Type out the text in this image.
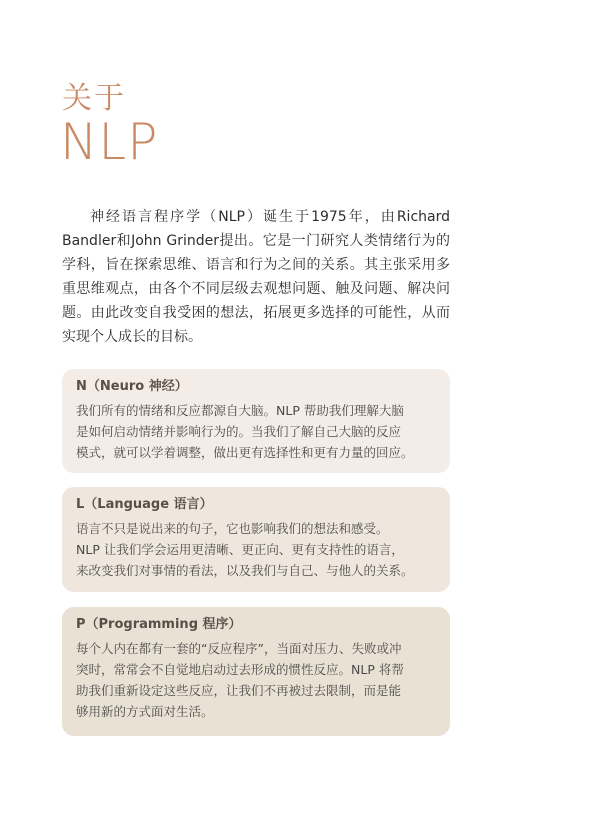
关于
NLP

神经语言程序学（NLP）诞生于1975年，由Richard Bandler和John Grinder提出。它是一门研究人类情绪行为的学科，旨在探索思维、语言和行为之间的关系。其主张采用多重思维观点，由各个不同层级去观想问题、触及问题、解决问题。由此改变自我受困的想法，拓展更多选择的可能性，从而实现个人成长的目标。

N（Neuro 神经）
我们所有的情绪和反应都源自大脑。NLP 帮助我们理解大脑
是如何启动情绪并影响行为的。当我们了解自己大脑的反应
模式，就可以学着调整，做出更有选择性和更有力量的回应。
L（Language 语言）
语言不只是说出来的句子，它也影响我们的想法和感受。
NLP 让我们学会运用更清晰、更正向、更有支持性的语言，
来改变我们对事情的看法，以及我们与自己、与他人的关系。
P（Programming 程序）
每个人内在都有一套的“反应程序”，当面对压力、失败或冲
突时，常常会不自觉地启动过去形成的惯性反应。NLP 将帮
助我们重新设定这些反应，让我们不再被过去限制，而是能
够用新的方式面对生活。
